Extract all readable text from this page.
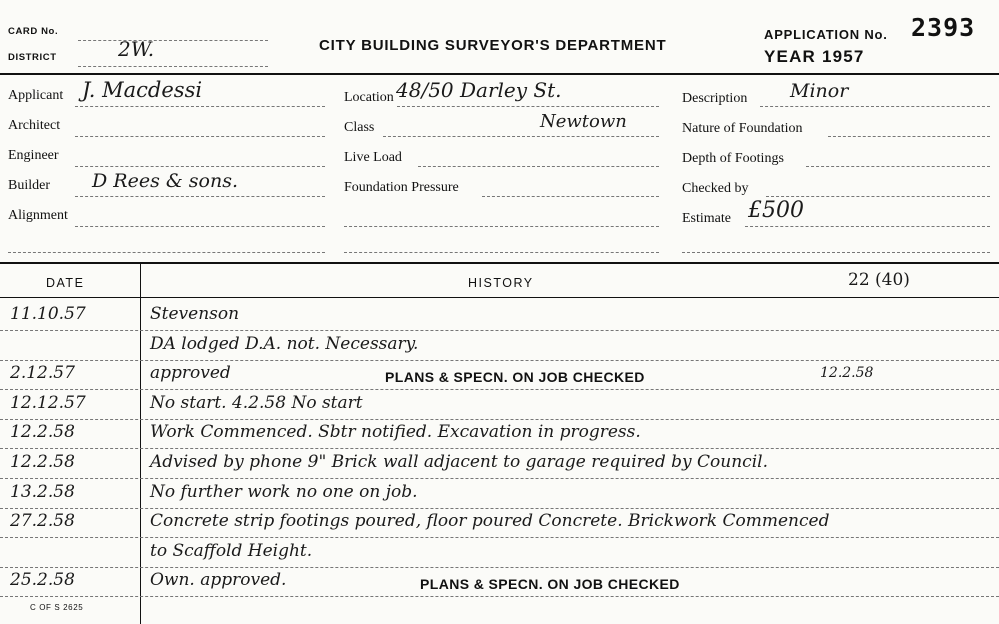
CARD No.
DISTRICT	2W.	CITY BUILDING SURVEYOR'S DEPARTMENT
APPLICATION No. 2393
YEAR 1957
Applicant J. Macdessi
Architect
Engineer
Builder D Rees & sons.
Alignment
Location 48/50 Darley St.
Class	Newtown
Live Load
Foundation Pressure
Description Minor
Nature of Foundation
Depth of Footings
Checked by
Estimate £500
DATE	HISTORY	22 (40)
11.10.57	Stevenson
DA lodged D.A. not. Necessary.
2.12.57	approved	PLANS & SPECN. ON JOB CHECKED	12.2.58
12.12.57	No start. 4.2.58 No start
12.2.58	Work Commenced. Sbtr notified. Excavation in progress.
12.2.58	Advised by phone 9" Brick wall adjacent to garage required by Council.
13.2.58	No further work no one on job.
27.2.58	Concrete strip footings poured, floor poured Concrete. Brickwork Commenced
to Scaffold Height.
25.2.58	Own. approved.	PLANS & SPECN. ON JOB CHECKED
C OF S 2625
